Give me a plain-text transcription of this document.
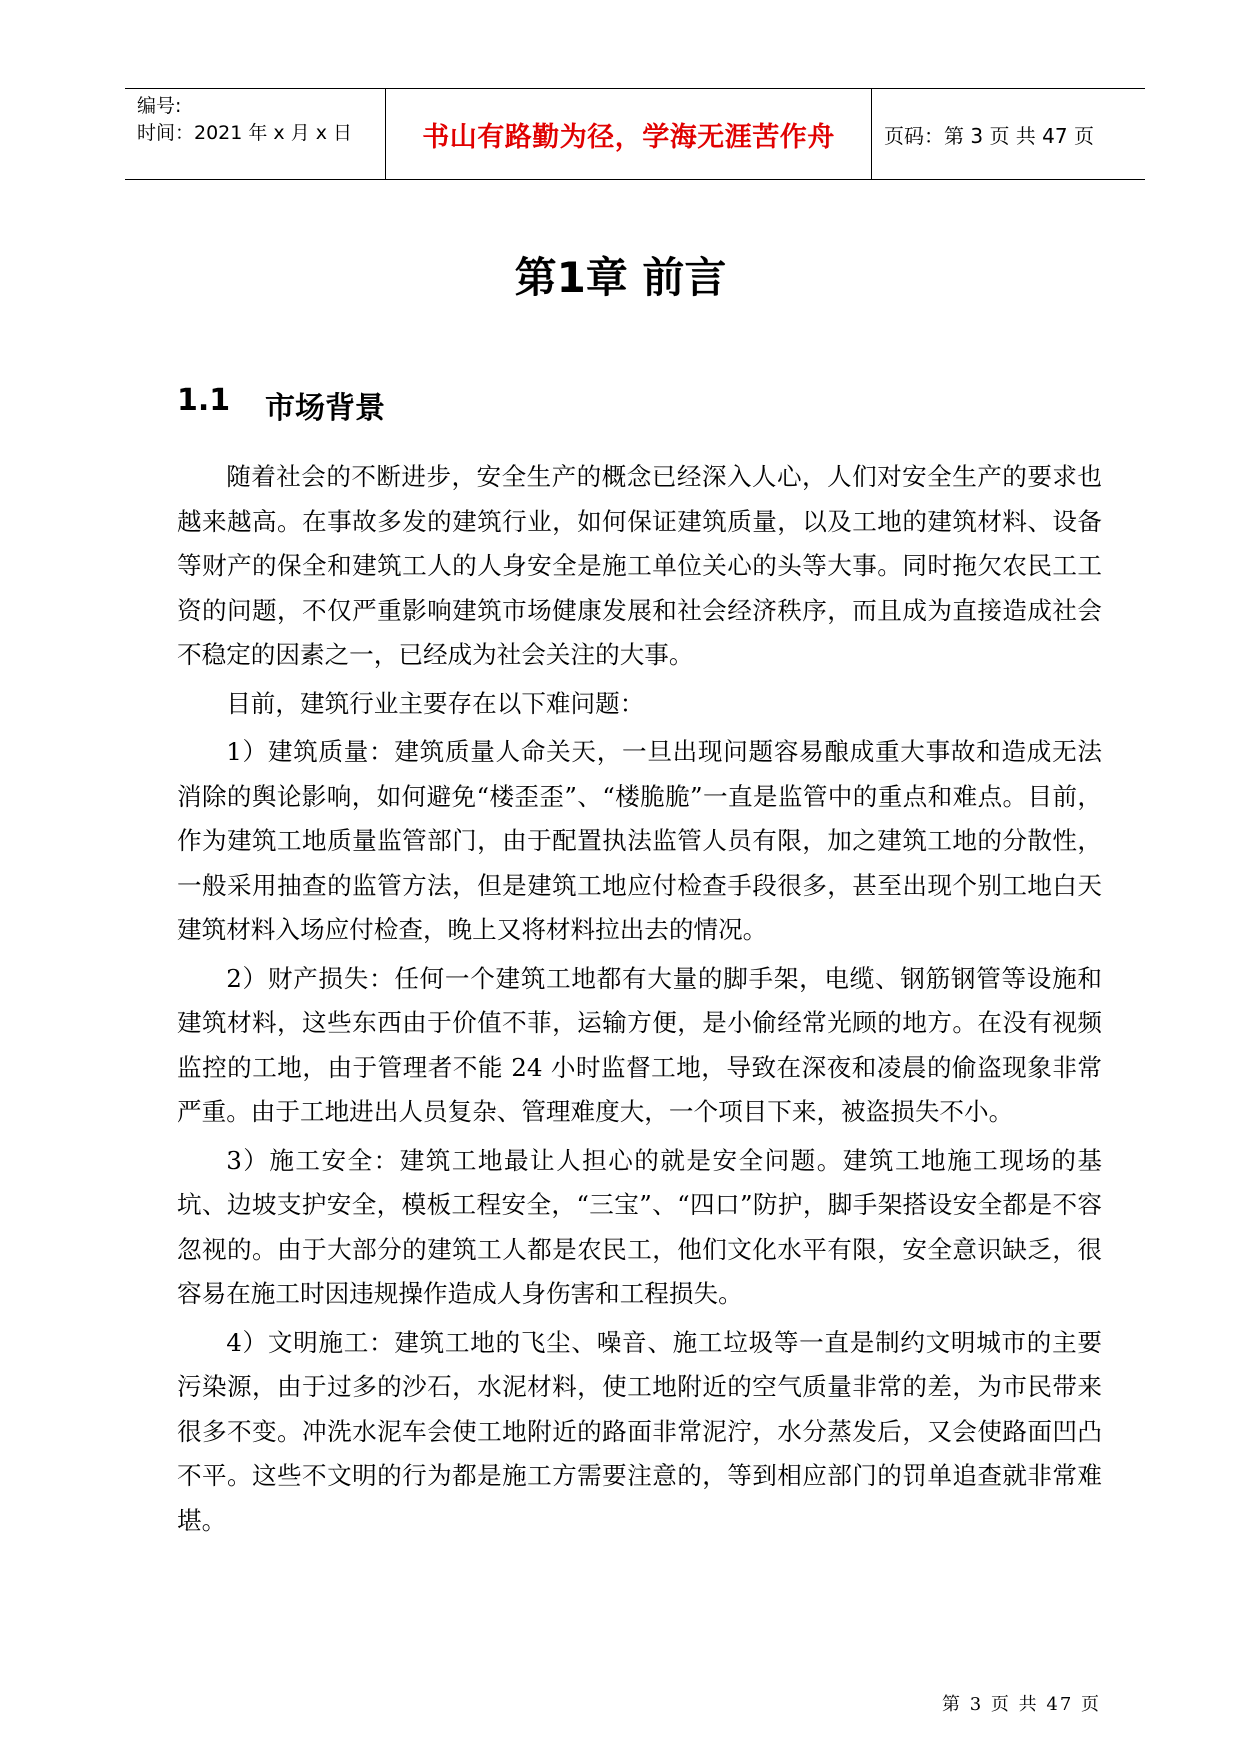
编号:
时间：2021 年 x 月 x 日	书山有路勤为径，学海无涯苦作舟 页码：第 3 页 共 47 页
第1章 前言
1.1	市场背景

随着社会的不断进步，安全生产的概念已经深入人心，人们对安全生产的要求也越来越高。在事故多发的建筑行业，如何保证建筑质量，以及工地的建筑材料、设备等财产的保全和建筑工人的人身安全是施工单位关心的头等大事。同时拖欠农民工工资的问题，不仅严重影响建筑市场健康发展和社会经济秩序，而且成为直接造成社会不稳定的因素之一，已经成为社会关注的大事。

目前，建筑行业主要存在以下难问题：

1）建筑质量：建筑质量人命关天，一旦出现问题容易酿成重大事故和造成无法消除的舆论影响，如何避免“楼歪歪”、“楼脆脆”一直是监管中的重点和难点。目前，作为建筑工地质量监管部门，由于配置执法监管人员有限，加之建筑工地的分散性，一般采用抽查的监管方法，但是建筑工地应付检查手段很多，甚至出现个别工地白天建筑材料入场应付检查，晚上又将材料拉出去的情况。

2）财产损失：任何一个建筑工地都有大量的脚手架，电缆、钢筋钢管等设施和建筑材料，这些东西由于价值不菲，运输方便，是小偷经常光顾的地方。在没有视频监控的工地，由于管理者不能 24 小时监督工地，导致在深夜和凌晨的偷盗现象非常严重。由于工地进出人员复杂、管理难度大，一个项目下来，被盗损失不小。

3）施工安全：建筑工地最让人担心的就是安全问题。建筑工地施工现场的基坑、边坡支护安全，模板工程安全，“三宝”、“四口”防护，脚手架搭设安全都是不容忽视的。由于大部分的建筑工人都是农民工，他们文化水平有限，安全意识缺乏，很容易在施工时因违规操作造成人身伤害和工程损失。

4）文明施工：建筑工地的飞尘、噪音、施工垃圾等一直是制约文明城市的主要污染源，由于过多的沙石，水泥材料，使工地附近的空气质量非常的差，为市民带来很多不变。冲洗水泥车会使工地附近的路面非常泥泞，水分蒸发后，又会使路面凹凸不平。这些不文明的行为都是施工方需要注意的，等到相应部门的罚单追查就非常难堪。

第 3 页 共 47 页
